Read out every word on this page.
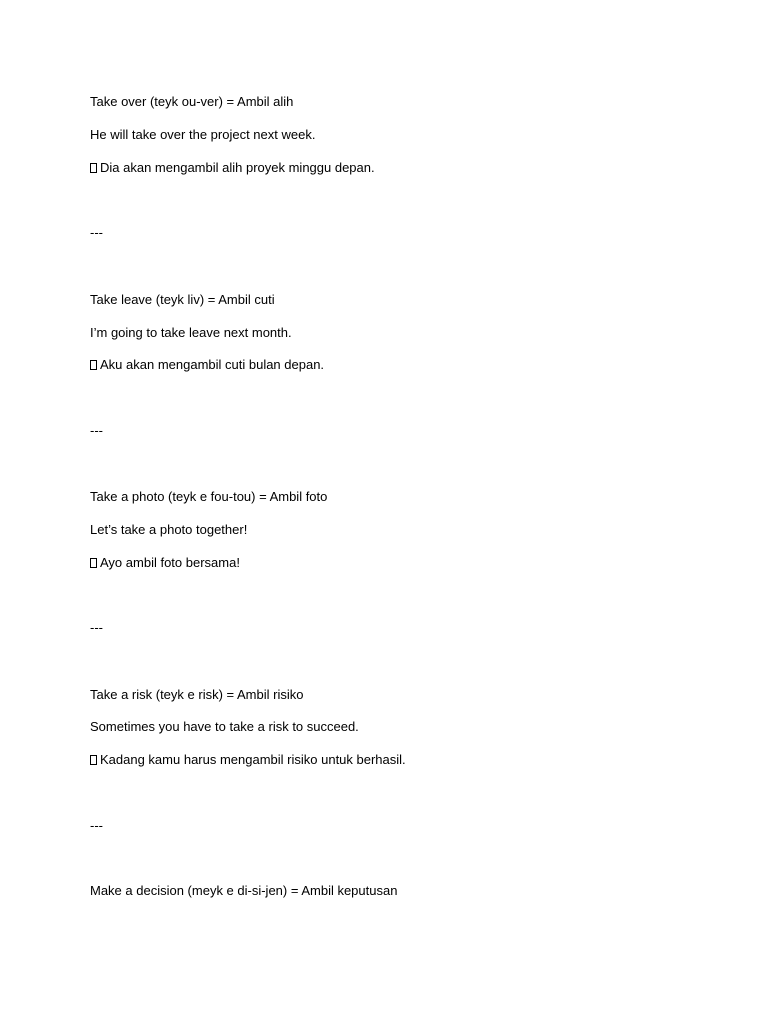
Take over (teyk ou-ver) = Ambil alih

He will take over the project next week.

Dia akan mengambil alih proyek minggu depan.

---

Take leave (teyk liv) = Ambil cuti

I’m going to take leave next month.

Aku akan mengambil cuti bulan depan.

---

Take a photo (teyk e fou-tou) = Ambil foto

Let’s take a photo together!

Ayo ambil foto bersama!

---

Take a risk (teyk e risk) = Ambil risiko

Sometimes you have to take a risk to succeed.

Kadang kamu harus mengambil risiko untuk berhasil.

---

Make a decision (meyk e di-si-jen) = Ambil keputusan
